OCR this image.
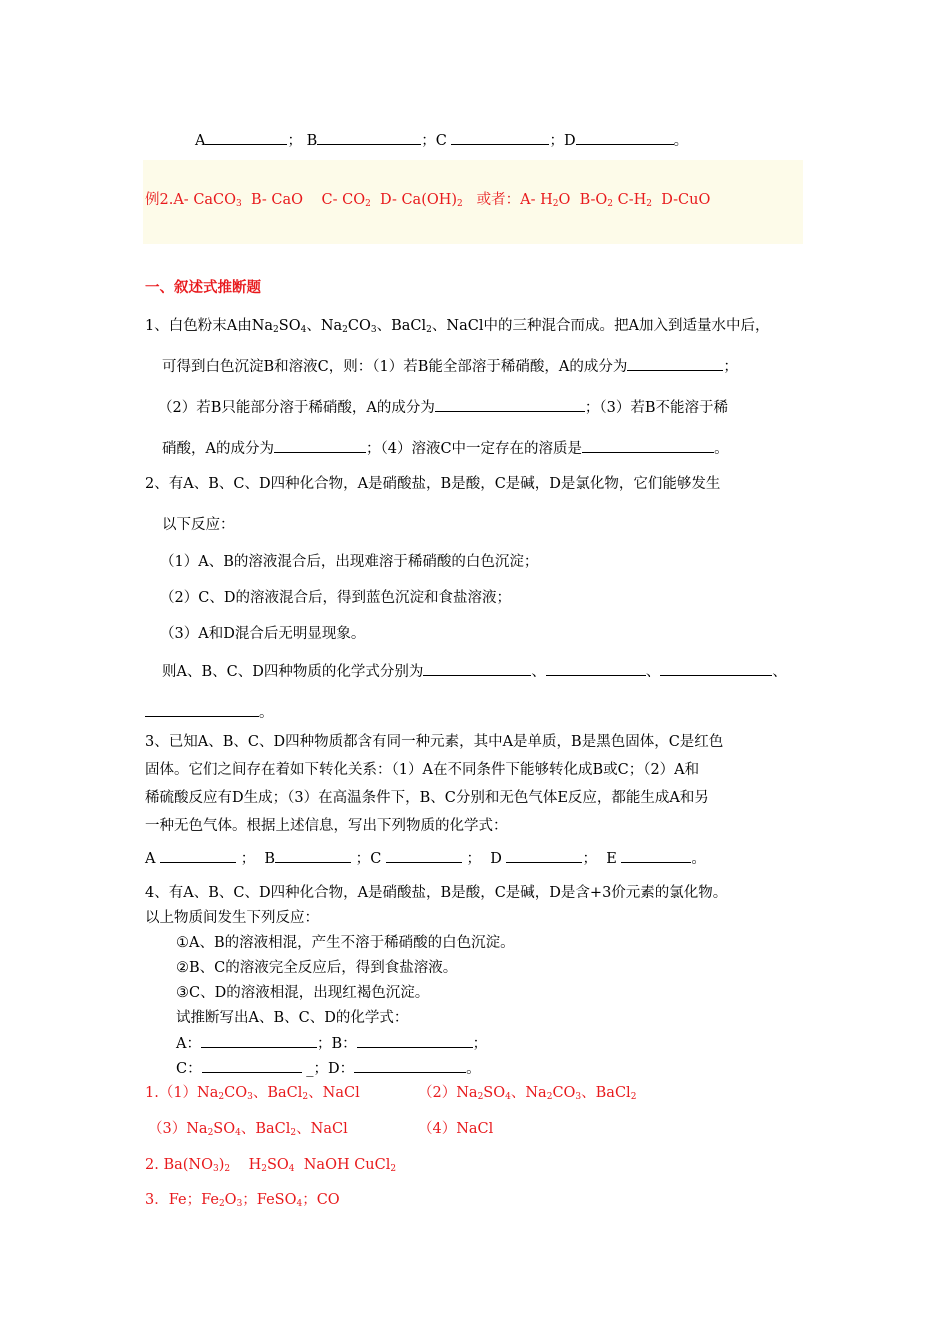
A	； B	；C	；D	。
例2.A- CaCO$_3$ B- CaO C- $CO_2$ D- $Ca(OH)_2$ 或者：A- $H_2O$ $B-O_2$ $C-H_2$ D-CuO
一、叙述式推断题
1、白色粉末A由$Na_2SO_4$、$Na_2CO_3$、BaCl$_2$、NaCl中的三种混合而成。把A加入到适量水中后，
可得到白色沉淀B和溶液C，则：（1）若B能全部溶于稀硝酸，A的成分为	；
（2）若B只能部分溶于稀硝酸，A的成分为	；（3）若B不能溶于稀
硝酸，A的成分为	；（4）溶液C中一定存在的溶质是	。
2、有A、B、C、D四种化合物，A是硝酸盐，B是酸，C是碱，D是氯化物，它们能够发生
以下反应：
（1）A、B的溶液混合后，出现难溶于稀硝酸的白色沉淀；
（2）C、D的溶液混合后，得到蓝色沉淀和食盐溶液；
（3）A和D混合后无明显现象。
则A、B、C、D四种物质的化学式分别为	、	、	、
。
3、已知A、B、C、D四种物质都含有同一种元素，其中A是单质，B是黑色固体，C是红色
固体。它们之间存在着如下转化关系：（1）A在不同条件下能够转化成B或C；（2）A和
稀硫酸反应有D生成；（3）在高温条件下，B、C分别和无色气体E反应，都能生成A和另
一种无色气体。根据上述信息，写出下列物质的化学式：
A	；  B	；C	；  D	；  E	。
4、有A、B、C、D四种化合物，A是硝酸盐，B是酸，C是碱，D是含+3价元素的氯化物。
以上物质间发生下列反应：
①A、B的溶液相混，产生不溶于稀硝酸的白色沉淀。
②B、C的溶液完全反应后，得到食盐溶液。
③C、D的溶液相混，出现红褐色沉淀。
试推断写出A、B、C、D的化学式：
A：	；B：	；
C：	_；D：	。
$1.(1)Na_2CO_3$、BaCl$_2$、NaCl	$(2)Na_2SO_4$、$Na_2CO_3$、BaCl$_2$
$(3)Na_2SO_4$、BaCl$_2$、NaCl	（4）NaCl
2. $Ba(NO_3)_2$ $H_2SO_4$ NaOH CuCl$_2$
3．Fe；$Fe_2O_3$；FeSO$_4$；CO
